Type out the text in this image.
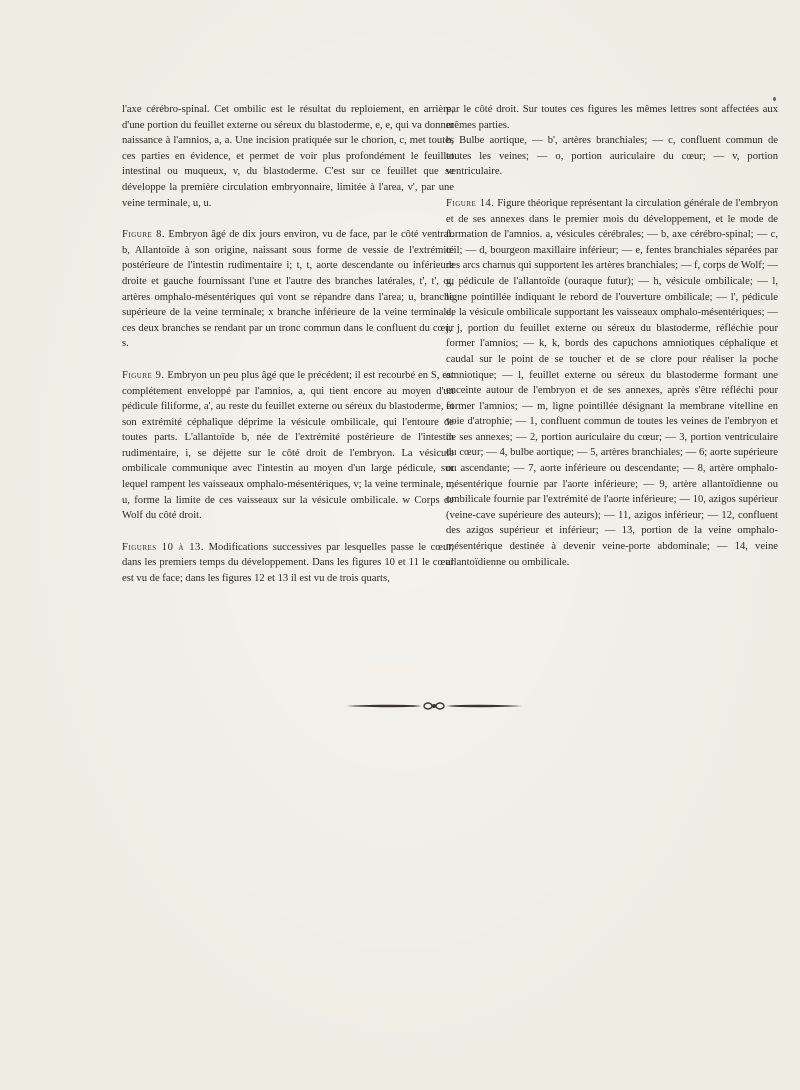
l'axe cérébro-spinal. Cet ombilic est le résultat du reploiement, en arrière, d'une portion du feuillet externe ou séreux du blastoderme, e, e, qui va donner naissance à l'amnios, a, a. Une incision pratiquée sur le chorion, c, met toutes ces parties en évidence, et permet de voir plus profondément le feuillet intestinal ou muqueux, v, du blastoderme. C'est sur ce feuillet que se développe la première circulation embryonnaire, limitée à l'area, v', par une veine terminale, u, u.

Figure 8. Embryon âgé de dix jours environ, vu de face, par le côté ventral. b, Allantoïde à son origine, naissant sous forme de vessie de l'extrémité postérieure de l'intestin rudimentaire i; t, t, aorte descendante ou inférieure droite et gauche fournissant l'une et l'autre des branches latérales, t', t', ou artères omphalo-mésentériques qui vont se répandre dans l'area; u, branche supérieure de la veine terminale; x branche inférieure de la veine terminale; ces deux branches se rendant par un tronc commun dans le confluent du cœur s.

Figure 9. Embryon un peu plus âgé que le précédent; il est recourbé en S, est complétement enveloppé par l'amnios, a, qui tient encore au moyen d'un pédicule filiforme, a', au reste du feuillet externe ou séreux du blastoderme, et son extrémité céphalique déprime la vésicule ombilicale, qui l'entoure de toutes parts. L'allantoïde b, née de l'extrémité postérieure de l'intestin rudimentaire, i, se déjette sur le côté droit de l'embryon. La vésicule ombilicale communique avec l'intestin au moyen d'un large pédicule, sur lequel rampent les vaisseaux omphalo-mésentériques, v; la veine terminale, u, u, forme la limite de ces vaisseaux sur la vésicule ombilicale. w Corps de Wolf du côté droit.

Figures 10 à 13. Modifications successives par lesquelles passe le cœur, dans les premiers temps du développement. Dans les figures 10 et 11 le cœur est vu de face; dans les figures 12 et 13 il est vu de trois quarts,

par le côté droit. Sur toutes ces figures les mêmes lettres sont affectées aux mêmes parties.

b, Bulbe aortique, — b', artères branchiales; — c, confluent commun de toutes les veines; — o, portion auriculaire du cœur; — v, portion ventriculaire.

Figure 14. Figure théorique représentant la circulation générale de l'embryon et de ses annexes dans le premier mois du développement, et le mode de formation de l'amnios. a, vésicules cérébrales; — b, axe cérébro-spinal; — c, œil; — d, bourgeon maxillaire inférieur; — e, fentes branchiales séparées par des arcs charnus qui supportent les artères branchiales; — f, corps de Wolf; — g, pédicule de l'allantoïde (ouraque futur); — h, vésicule ombilicale; — l, ligne pointillée indiquant le rebord de l'ouverture ombilicale; — l', pédicule de la vésicule ombilicale supportant les vaisseaux omphalo-mésentériques; — j, j, portion du feuillet externe ou séreux du blastoderme, réfléchie pour former l'amnios; — k, k, bords des capuchons amniotiques céphalique et caudal sur le point de se toucher et de se clore pour réaliser la poche amniotique; — l, feuillet externe ou séreux du blastoderme formant une enceinte autour de l'embryon et de ses annexes, après s'être réfléchi pour former l'amnios; — m, ligne pointillée désignant la membrane vitelline en voie d'atrophie; — 1, confluent commun de toutes les veines de l'embryon et de ses annexes; — 2, portion auriculaire du cœur; — 3, portion ventriculaire du cœur; — 4, bulbe aortique; — 5, artères branchiales; — 6; aorte supérieure ou ascendante; — 7, aorte inférieure ou descendante; — 8, artère omphalo-mésentérique fournie par l'aorte inférieure; — 9, artère allantoïdienne ou ombilicale fournie par l'extrémité de l'aorte inférieure; — 10, azigos supérieur (veine-cave supérieure des auteurs); — 11, azigos inférieur; — 12, confluent des azigos supérieur et inférieur; — 13, portion de la veine omphalo-mésentérique destinée à devenir veine-porte abdominale; — 14, veine allantoïdienne ou ombilicale.
